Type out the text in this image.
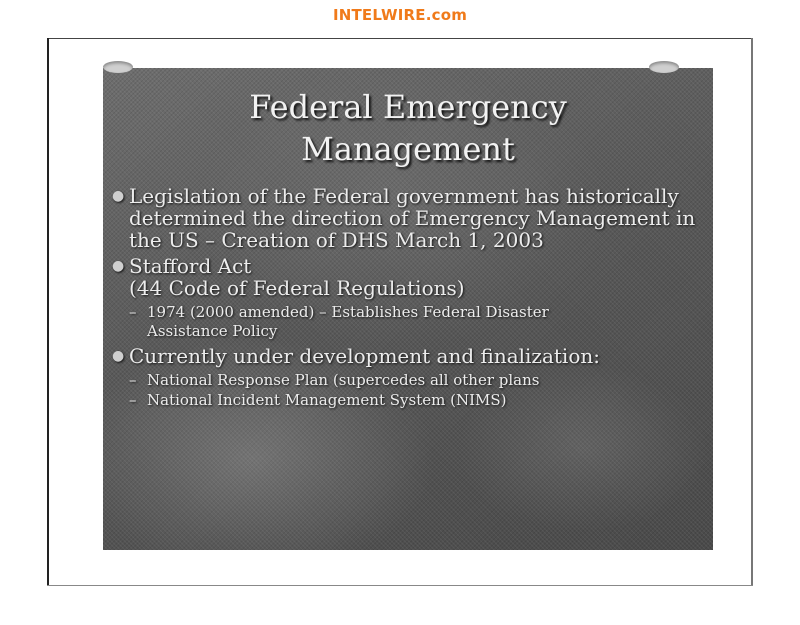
INTELWIRE.com
Federal Emergency
Management
● Legislation of the Federal government has historically
determined the direction of Emergency Management in
the US – Creation of DHS March 1, 2003
● Stafford Act
(44 Code of Federal Regulations)
– 1974 (2000 amended) – Establishes Federal Disaster
Assistance Policy
● Currently under development and finalization:
– National Response Plan (supercedes all other plans
– National Incident Management System (NIMS)
